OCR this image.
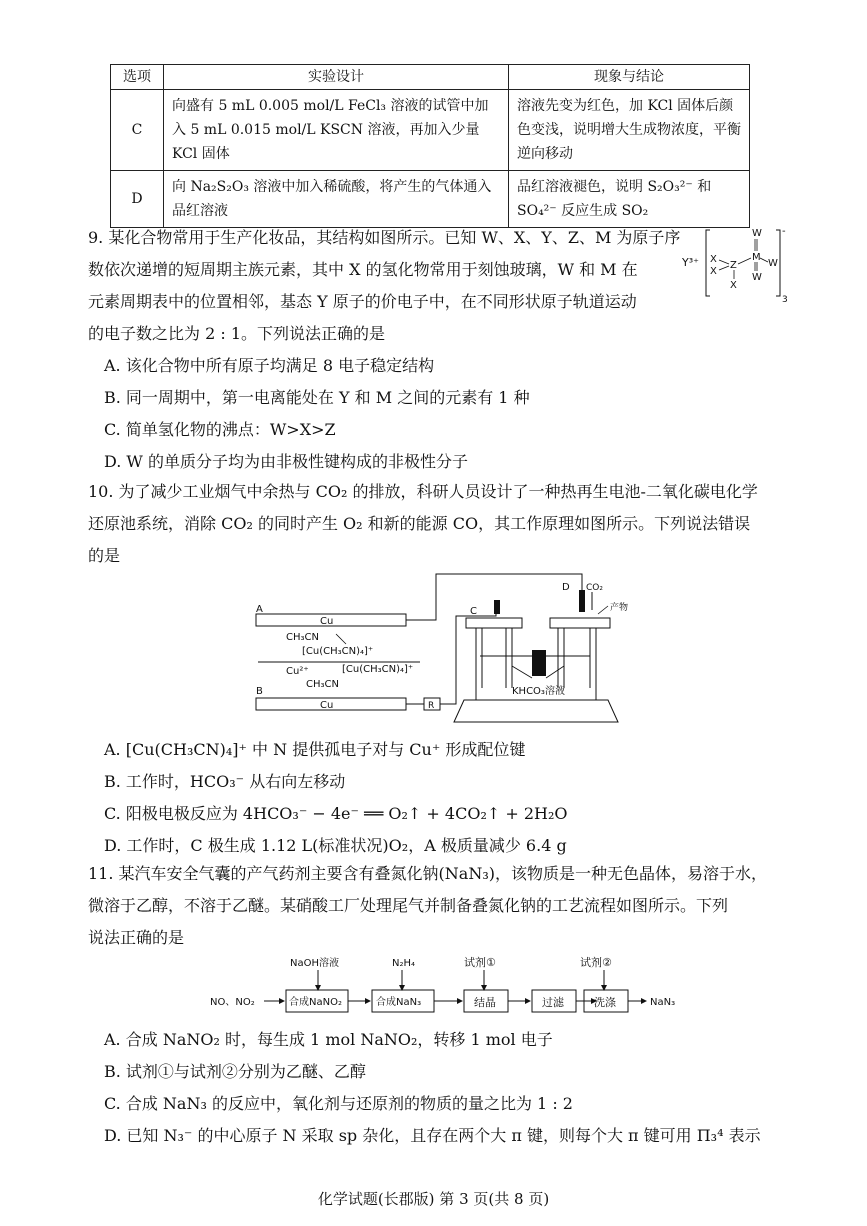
选项	实验设计	现象与结论
C	向盛有 5 mL 0.005 mol/L FeCl₃ 溶液的试管中加入 5 mL 0.015 mol/L KSCN 溶液，再加入少量 KCl 固体	溶液先变为红色，加 KCl 固体后颜色变浅，说明增大生成物浓度，平衡逆向移动
D	向 Na₂S₂O₃ 溶液中加入稀硫酸，将产生的气体通入品红溶液	品红溶液褪色，说明 S₂O₃²⁻ 和 SO₄²⁻ 反应生成 SO₂

9. 某化合物常用于生产化妆品，其结构如图所示。已知 W、X、Y、Z、M 为原子序

数依次递增的短周期主族元素，其中 X 的氢化物常用于刻蚀玻璃，W 和 M 在

元素周期表中的位置相邻，基态 Y 原子的价电子中，在不同形状原子轨道运动

的电子数之比为 2 : 1。下列说法正确的是

A. 该化合物中所有原子均满足 8 电子稳定结构

B. 同一周期中，第一电离能处在 Y 和 M 之间的元素有 1 种

C. 简单氢化物的沸点：W>X>Z

D. W 的单质分子均为由非极性键构成的非极性分子

Y³⁺
-
3
X
X
Z
X
M
W
W
W

10. 为了减少工业烟气中余热与 CO₂ 的排放，科研人员设计了一种热再生电池-二氧化碳电化学

还原池系统，消除 CO₂ 的同时产生 O₂ 和新的能源 CO，其工作原理如图所示。下列说法错误

的是

A
Cu
CH₃CN
[Cu(CH₃CN)₄]⁺
Cu²⁺	[Cu(CH₃CN)₄]⁺
CH₃CN
B
Cu	R
C
D CO₂
产物
KHCO₃溶液

A. [Cu(CH₃CN)₄]⁺ 中 N 提供孤电子对与 Cu⁺ 形成配位键

B. 工作时，HCO₃⁻ 从右向左移动

C. 阳极电极反应为 4HCO₃⁻ − 4e⁻ ══ O₂↑ + 4CO₂↑ + 2H₂O

D. 工作时，C 极生成 1.12 L(标准状况)O₂，A 极质量减少 6.4 g

11. 某汽车安全气囊的产气药剂主要含有叠氮化钠(NaN₃)，该物质是一种无色晶体，易溶于水，

微溶于乙醇，不溶于乙醚。某硝酸工厂处理尾气并制备叠氮化钠的工艺流程如图所示。下列

说法正确的是

NO、NO₂
NaOH溶液
合成NaNO₂
N₂H₄
合成NaN₃
试剂①
结晶	过滤
试剂②
洗涤	NaN₃

A. 合成 NaNO₂ 时，每生成 1 mol NaNO₂，转移 1 mol 电子

B. 试剂①与试剂②分别为乙醚、乙醇

C. 合成 NaN₃ 的反应中，氧化剂与还原剂的物质的量之比为 1 : 2

D. 已知 N₃⁻ 的中心原子 N 采取 sp 杂化，且存在两个大 π 键，则每个大 π 键可用 Π₃⁴ 表示

化学试题(长郡版) 第 3 页(共 8 页)
